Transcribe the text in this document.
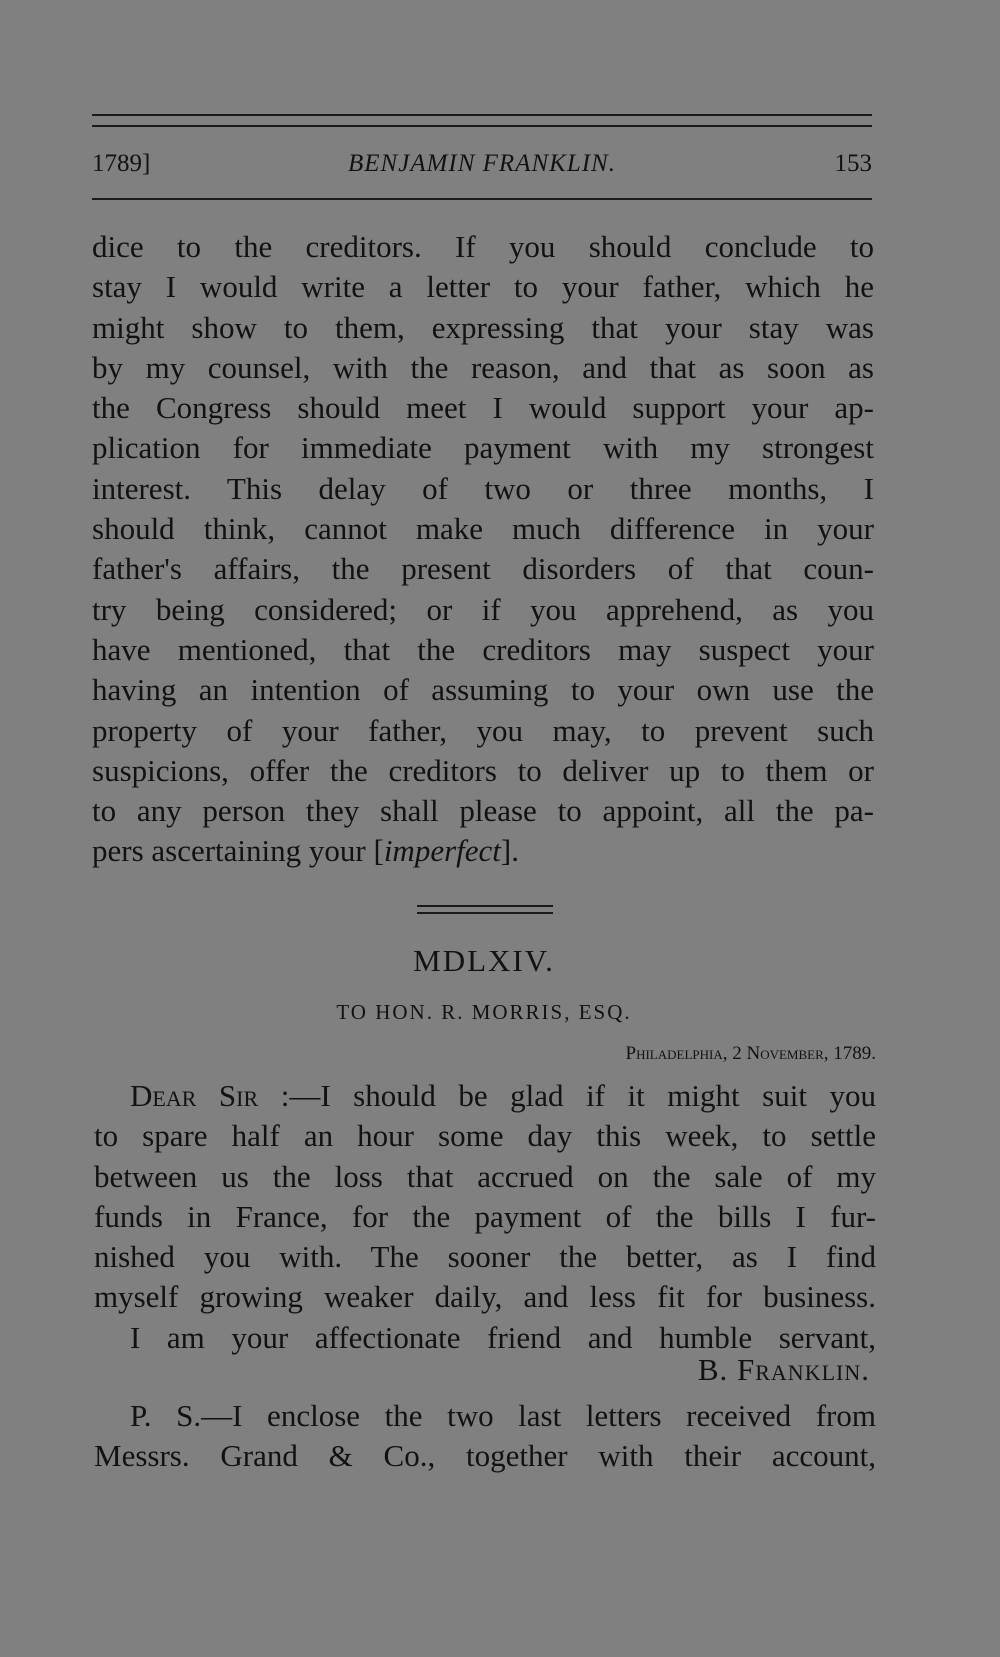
1789]	BENJAMIN FRANKLIN.	153
dice to the creditors. If you should conclude to
stay I would write a letter to your father, which he
might show to them, expressing that your stay was
by my counsel, with the reason, and that as soon as
the Congress should meet I would support your ap-
plication for immediate payment with my strongest
interest. This delay of two or three months, I
should think, cannot make much difference in your
father's affairs, the present disorders of that coun-
try being considered; or if you apprehend, as you
have mentioned, that the creditors may suspect your
having an intention of assuming to your own use the
property of your father, you may, to prevent such
suspicions, offer the creditors to deliver up to them or
to any person they shall please to appoint, all the pa-
pers ascertaining your [imperfect].
MDLXIV.
TO HON. R. MORRIS, ESQ.
Philadelphia, 2 November, 1789.
Dear Sir :—I should be glad if it might suit you
to spare half an hour some day this week, to settle
between us the loss that accrued on the sale of my
funds in France, for the payment of the bills I fur-
nished you with. The sooner the better, as I find
myself growing weaker daily, and less fit for business.
I am your affectionate friend and humble servant,
B. Franklin.
P. S.—I enclose the two last letters received from
Messrs. Grand & Co., together with their account,
